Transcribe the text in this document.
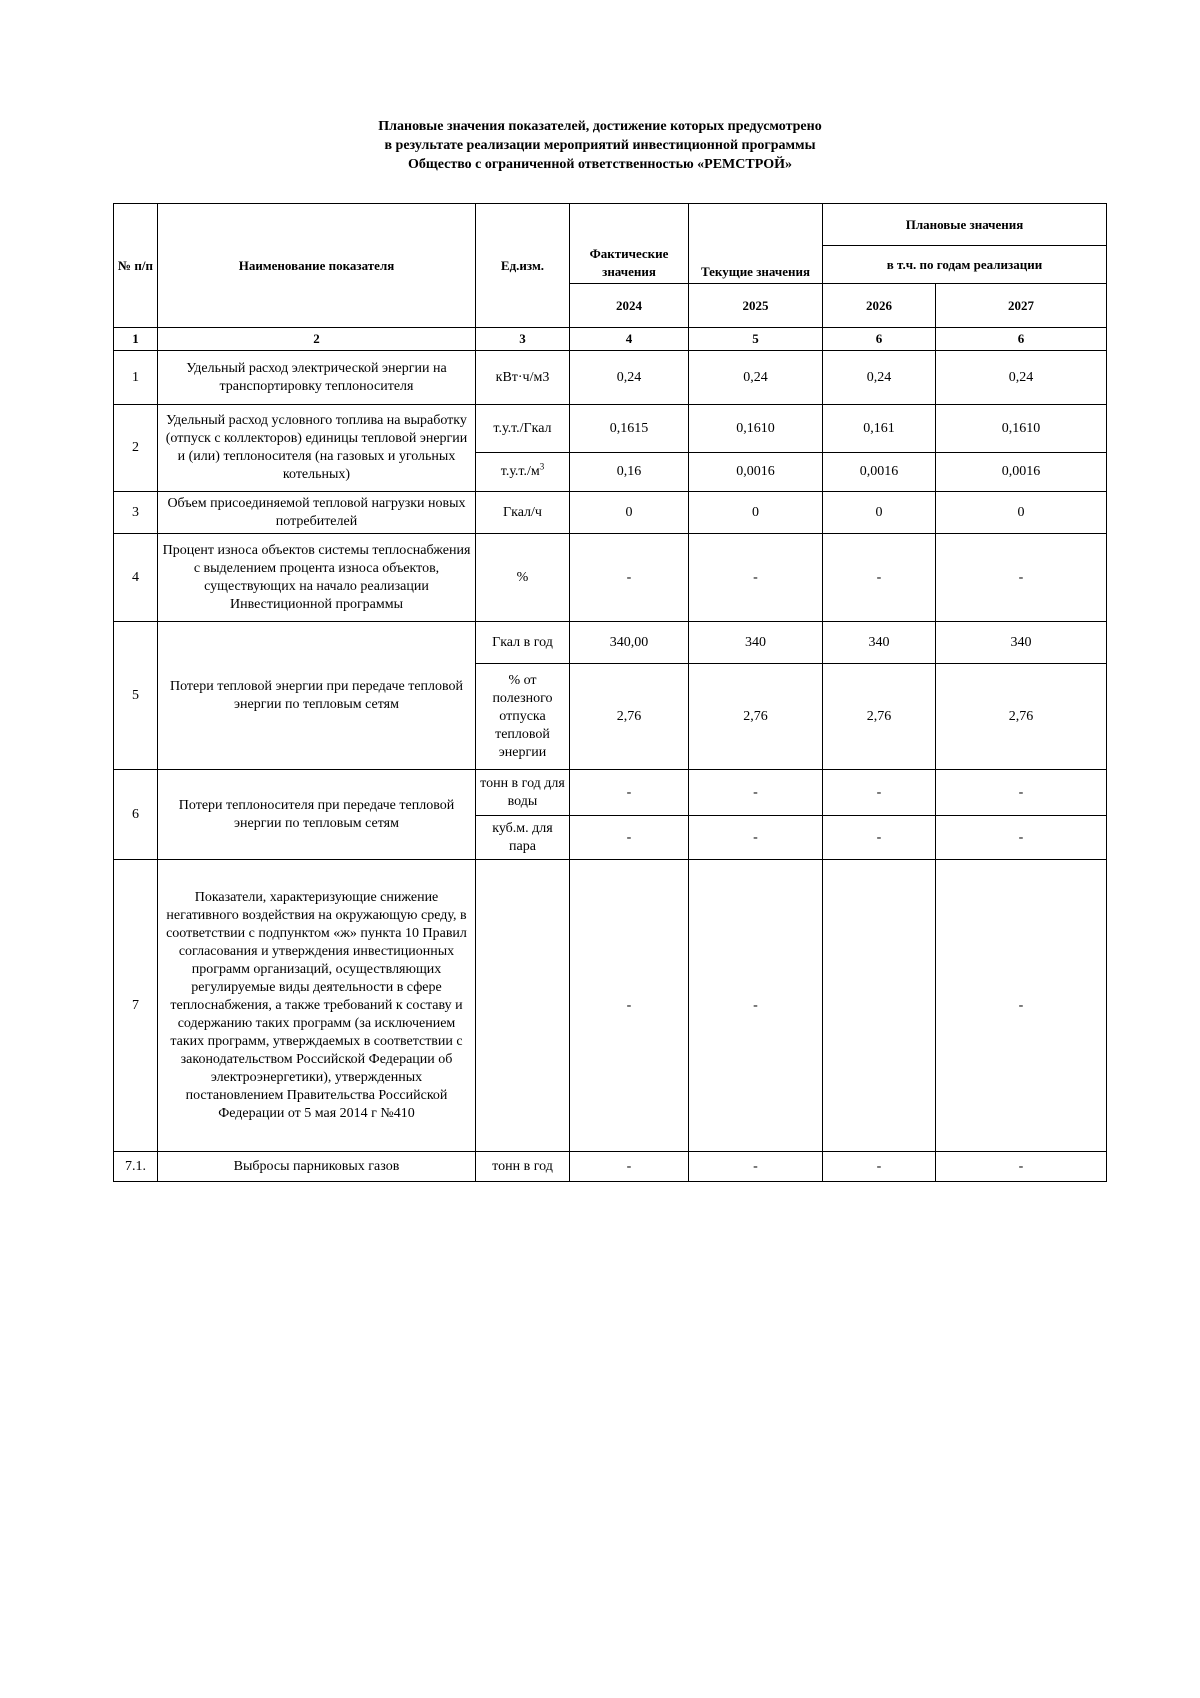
Плановые значения показателей, достижение которых предусмотрено
в результате реализации мероприятий инвестиционной программы
Общество с ограниченной ответственностью «РЕМСТРОЙ»
№ п/п	Наименование показателя	Ед.изм.	Фактические значения	Текущие значения	Плановые значения	
					в т.ч. по годам реализации	
			2024	2025	2026	2027
1	2	3	4	5	6	6
1	Удельный расход электрической энергии на транспортировку теплоносителя	кВт·ч/м3	0,24	0,24	0,24	0,24
2	Удельный расход условного топлива на выработку (отпуск с коллекторов) единицы тепловой энергии и (или) теплоносителя (на газовых и угольных котельных)	т.у.т./Гкал	0,1615	0,1610	0,161	0,1610
		$т.у.т./м^3$	0,16	0,0016	0,0016	0,0016
3	Объем присоединяемой тепловой нагрузки новых потребителей	Гкал/ч	0	0	0	0
4	Процент износа объектов системы теплоснабжения с выделением процента износа объектов, существующих на начало реализации Инвестиционной программы	%	-	-	-	-
5	Потери тепловой энергии при передаче тепловой энергии по тепловым сетям	Гкал в год	340,00	340	340	340
		% от полезного отпуска тепловой энергии	2,76	2,76	2,76	2,76
6	Потери теплоносителя при передаче тепловой энергии по тепловым сетям	тонн в год для воды	-	-	-	-
		куб.м. для пара	-	-	-	-
7	Показатели, характеризующие снижение негативного воздействия на окружающую среду, в соответствии с подпунктом «ж» пункта 10 Правил согласования и утверждения инвестиционных программ организаций, осуществляющих регулируемые виды деятельности в сфере теплоснабжения, а также требований к составу и содержанию таких программ (за исключением таких программ, утверждаемых в соответствии с законодательством Российской Федерации об электроэнергетики), утвержденных постановлением Правительства Российской Федерации от 5 мая 2014 г №410		-	-		-
7.1.	Выбросы парниковых газов	тонн в год	-	-	-	-
